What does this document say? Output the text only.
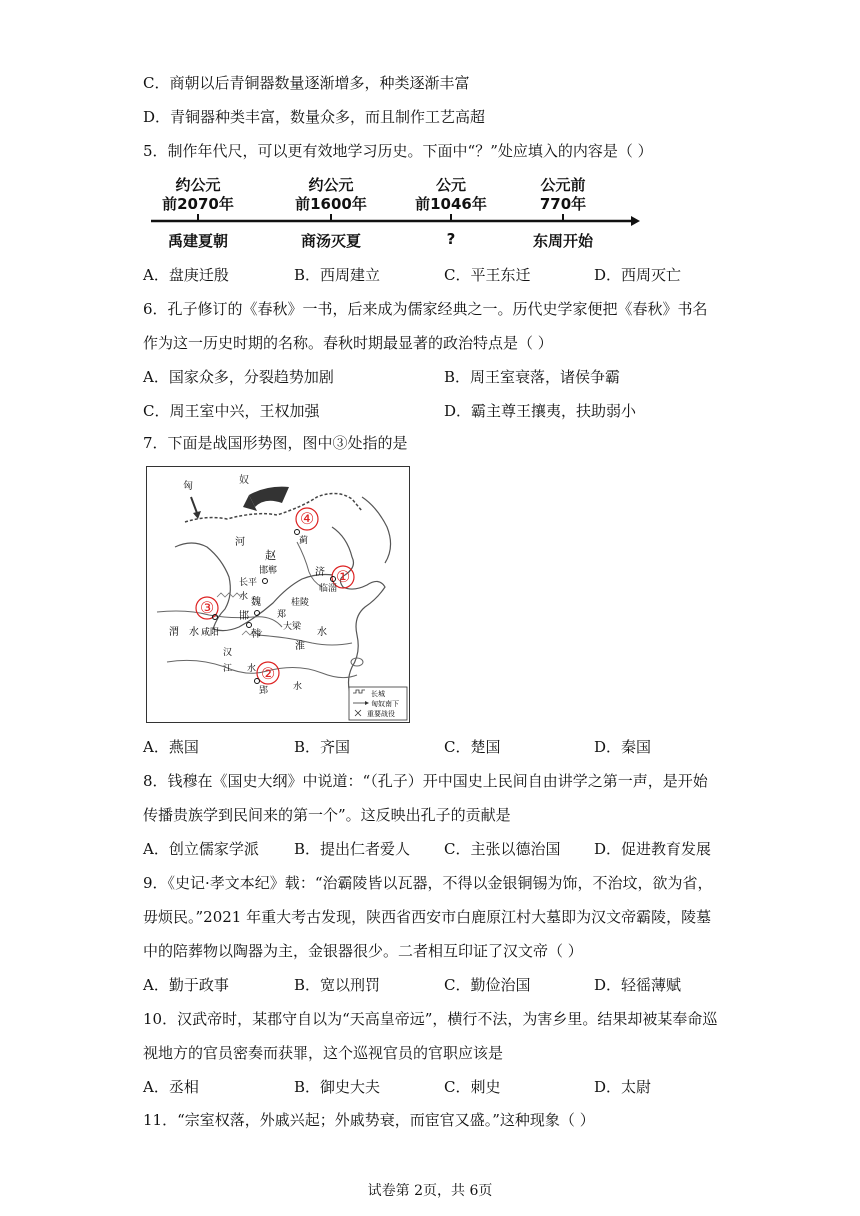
C．商朝以后青铜器数量逐渐增多，种类逐渐丰富
D．青铜器种类丰富，数量众多，而且制作工艺高超
5．制作年代尺，可以更有效地学习历史。下面中“？”处应填入的内容是（ ）
约公元
前2070年
约公元
前1600年
公元
前1046年
公元前
770年
禹建夏朝	商汤灭夏	?	东周开始
A．盘庚迁殷	B．西周建立	C．平王东迁	D．西周灭亡
6．孔子修订的《春秋》一书，后来成为儒家经典之一。历代史学家便把《春秋》书名
作为这一历史时期的名称。春秋时期最显著的政治特点是（ ）
A．国家众多，分裂趋势加剧	B．周王室衰落，诸侯争霸
C．周王室中兴，王权加强	D．霸主尊王攘夷，扶助弱小
7．下面是战国形势图，图中③处指的是
匈
奴
河
赵
邯郸	济
临淄
长平
水 魏	桂陵
咸阳
邯	郑
大梁
渭 水	韩
淮
水
汉
江 水
郢	水
蓟
①
②
③
④
长城
匈奴南下
重要战役
A．燕国	B．齐国	C．楚国	D．秦国
8．钱穆在《国史大纲》中说道：“（孔子）开中国史上民间自由讲学之第一声，是开始
传播贵族学到民间来的第一个”。这反映出孔子的贡献是
A．创立儒家学派 B．提出仁者爱人 C．主张以德治国 D．促进教育发展
9．《史记·孝文本纪》载：“治霸陵皆以瓦器，不得以金银铜锡为饰，不治坟，欲为省，
毋烦民。”2021 年重大考古发现，陕西省西安市白鹿原江村大墓即为汉文帝霸陵，陵墓
中的陪葬物以陶器为主，金银器很少。二者相互印证了汉文帝（ ）
A．勤于政事	B．宽以刑罚	C．勤俭治国	D．轻徭薄赋
10．汉武帝时，某郡守自以为“天高皇帝远”，横行不法，为害乡里。结果却被某奉命巡
视地方的官员密奏而获罪，这个巡视官员的官职应该是
A．丞相	B．御史大夫	C．刺史	D．太尉
11．“宗室权落，外戚兴起；外戚势衰，而宦官又盛。”这种现象（ ）
试卷第 2页，共 6页
